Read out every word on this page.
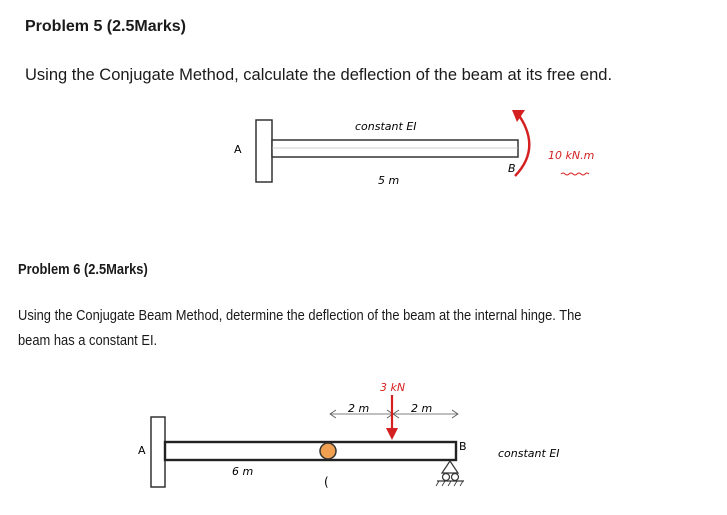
Problem 5 (2.5Marks)
Using the Conjugate Method, calculate the deflection of the beam at its free end.
A
B
constant EI
5 m
10 kN.m
Problem 6 (2.5Marks)
Using the Conjugate Beam Method, determine the deflection of the beam at the internal hinge. The
beam has a constant EI.
(
A	B
constant EI
6 m
2 m	2 m
3 kN
